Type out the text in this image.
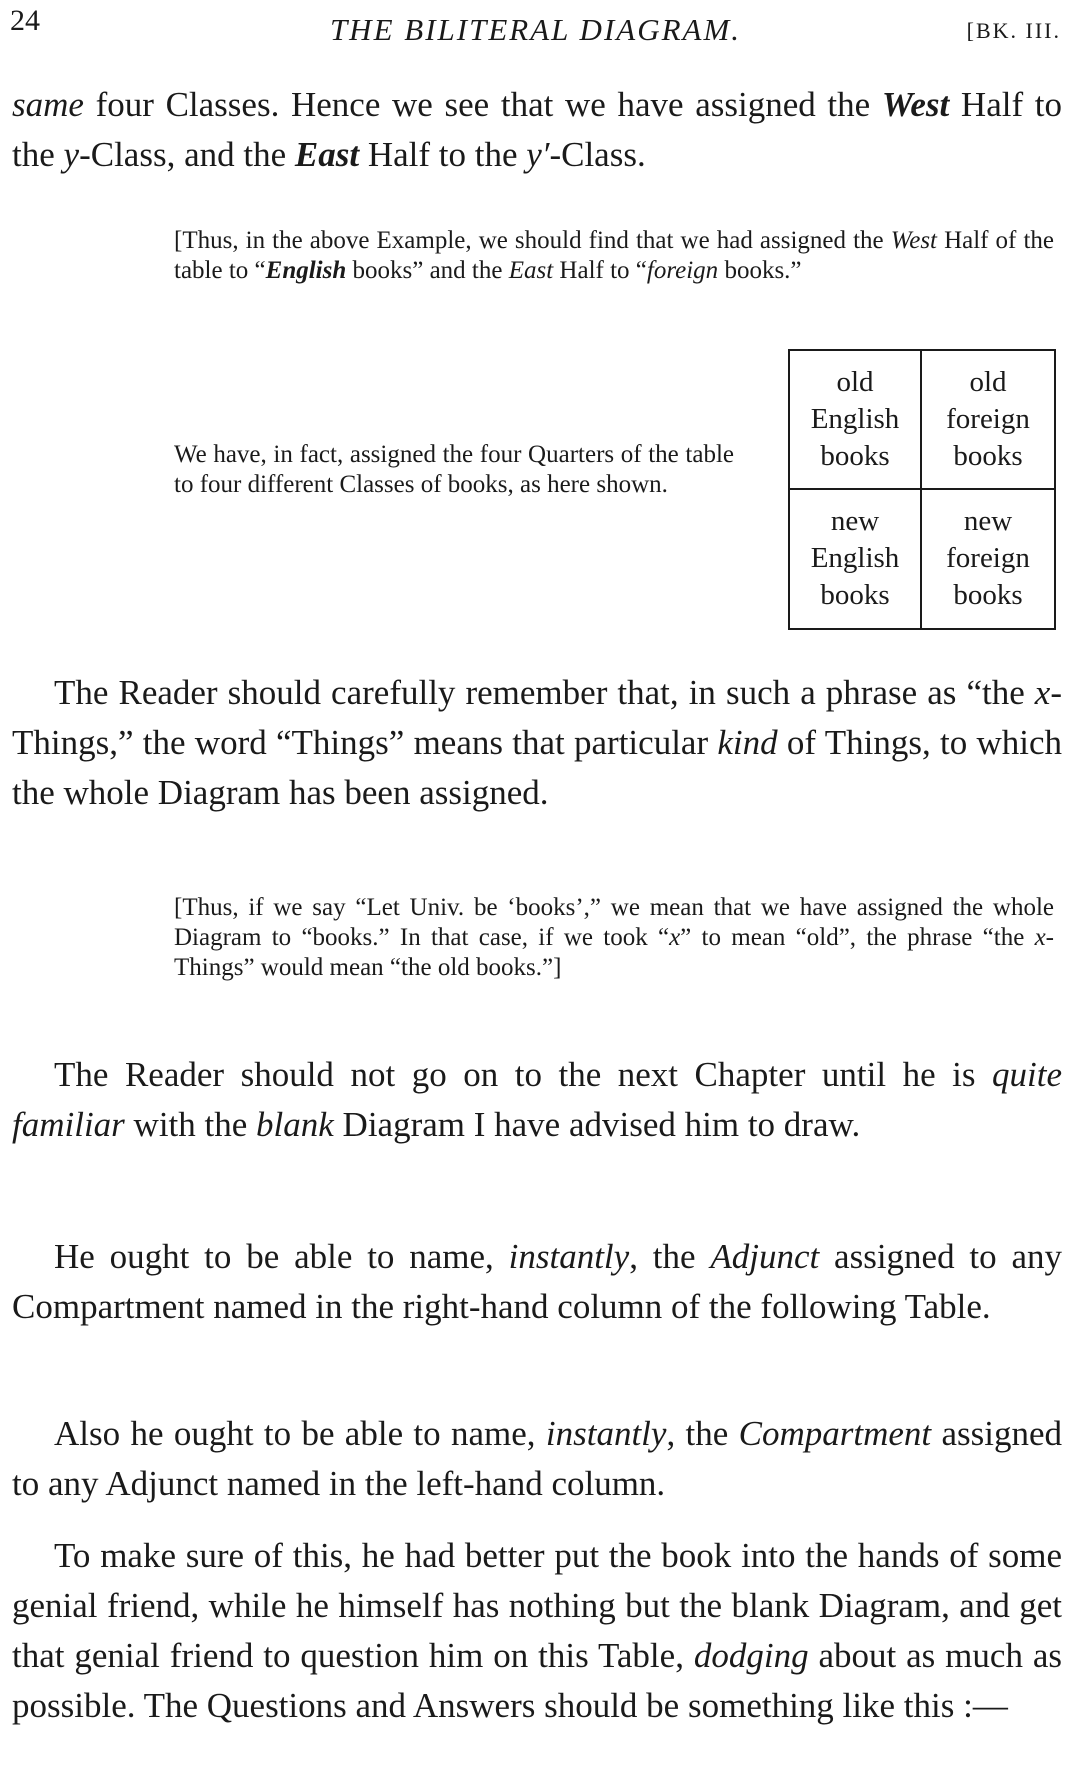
24	THE BILITERAL DIAGRAM.	[BK. III.

same four Classes. Hence we see that we have assigned the West Half to the y-Class, and the East Half to the y′-Class.

[Thus, in the above Example, we should find that we had assigned the West Half of the table to “English books” and the East Half to “foreign books.”

We have, in fact, assigned the four Quarters of the table to four different Classes of books, as here shown.

old
English
books
old
foreign
books
new
English
books
new
foreign
books

The Reader should carefully remember that, in such a phrase as “the x-Things,” the word “Things” means that particular kind of Things, to which the whole Diagram has been assigned.

[Thus, if we say “Let Univ. be ‘books’,” we mean that we have assigned the whole Diagram to “books.” In that case, if we took “x” to mean “old”, the phrase “the x-Things” would mean “the old books.”]

The Reader should not go on to the next Chapter until he is quite familiar with the blank Diagram I have advised him to draw.

He ought to be able to name, instantly, the Adjunct assigned to any Compartment named in the right-hand column of the following Table.

Also he ought to be able to name, instantly, the Compartment assigned to any Adjunct named in the left-hand column.

To make sure of this, he had better put the book into the hands of some genial friend, while he himself has nothing but the blank Diagram, and get that genial friend to question him on this Table, dodging about as much as possible. The Questions and Answers should be something like this :—
